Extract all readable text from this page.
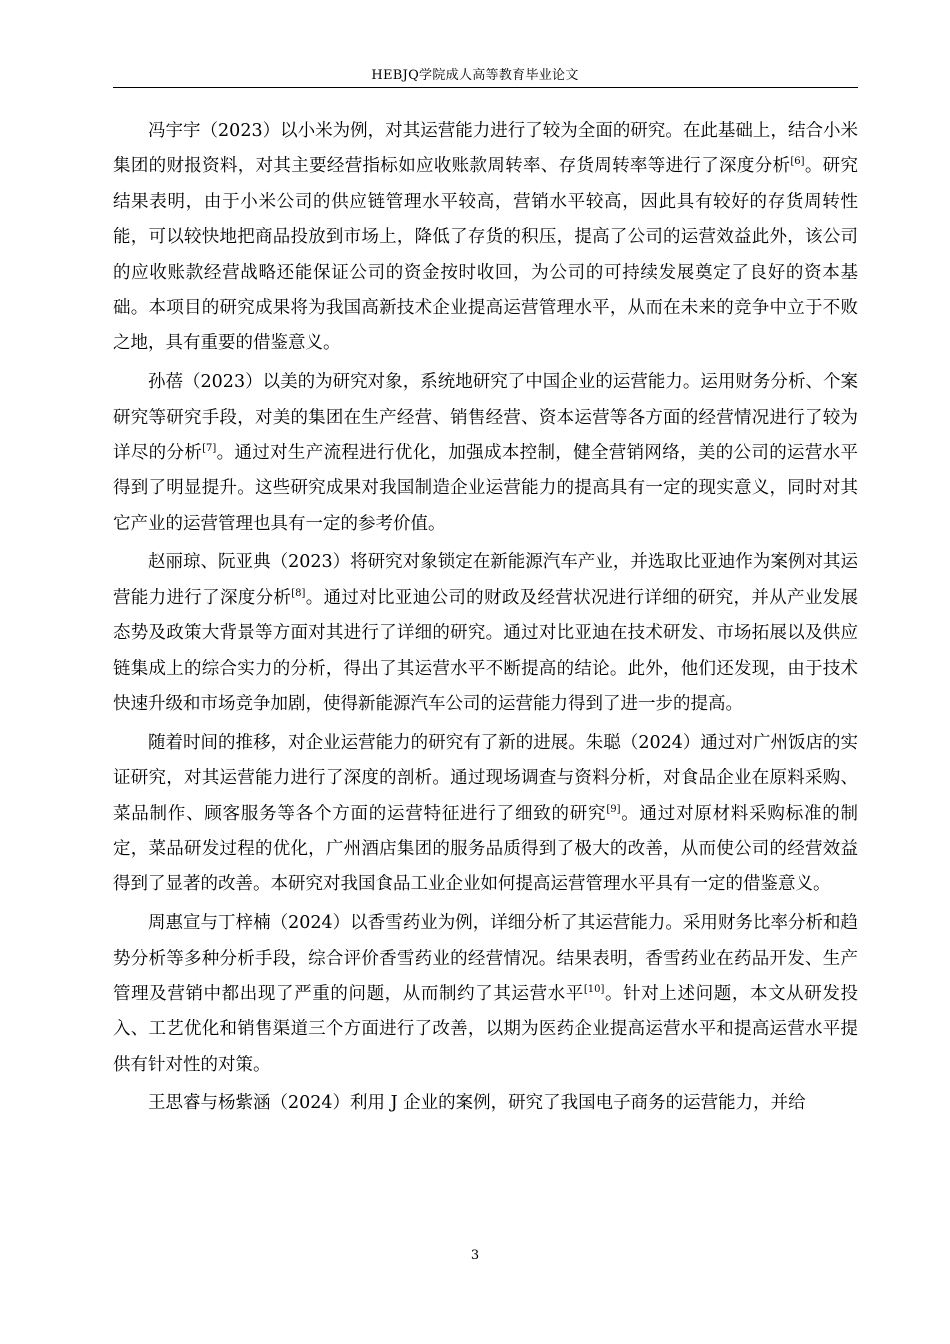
HEBJQ学院成人高等教育毕业论文

冯宇宇（2023）以小米为例，对其运营能力进行了较为全面的研究。在此基础上，结合小米集团的财报资料，对其主要经营指标如应收账款周转率、存货周转率等进行了深度分析[6]。研究结果表明，由于小米公司的供应链管理水平较高，营销水平较高，因此具有较好的存货周转性能，可以较快地把商品投放到市场上，降低了存货的积压，提高了公司的运营效益此外，该公司的应收账款经营战略还能保证公司的资金按时收回，为公司的可持续发展奠定了良好的资本基础。本项目的研究成果将为我国高新技术企业提高运营管理水平，从而在未来的竞争中立于不败之地，具有重要的借鉴意义。

孙蓓（2023）以美的为研究对象，系统地研究了中国企业的运营能力。运用财务分析、个案研究等研究手段，对美的集团在生产经营、销售经营、资本运营等各方面的经营情况进行了较为详尽的分析[7]。通过对生产流程进行优化，加强成本控制，健全营销网络，美的公司的运营水平得到了明显提升。这些研究成果对我国制造企业运营能力的提高具有一定的现实意义，同时对其它产业的运营管理也具有一定的参考价值。

赵丽琼、阮亚典（2023）将研究对象锁定在新能源汽车产业，并选取比亚迪作为案例对其运营能力进行了深度分析[8]。通过对比亚迪公司的财政及经营状况进行详细的研究，并从产业发展态势及政策大背景等方面对其进行了详细的研究。通过对比亚迪在技术研发、市场拓展以及供应链集成上的综合实力的分析，得出了其运营水平不断提高的结论。此外，他们还发现，由于技术快速升级和市场竞争加剧，使得新能源汽车公司的运营能力得到了进一步的提高。

随着时间的推移，对企业运营能力的研究有了新的进展。朱聪（2024）通过对广州饭店的实证研究，对其运营能力进行了深度的剖析。通过现场调查与资料分析，对食品企业在原料采购、菜品制作、顾客服务等各个方面的运营特征进行了细致的研究[9]。通过对原材料采购标准的制定，菜品研发过程的优化，广州酒店集团的服务品质得到了极大的改善，从而使公司的经营效益得到了显著的改善。本研究对我国食品工业企业如何提高运营管理水平具有一定的借鉴意义。

周惠宣与丁梓楠（2024）以香雪药业为例，详细分析了其运营能力。采用财务比率分析和趋势分析等多种分析手段，综合评价香雪药业的经营情况。结果表明，香雪药业在药品开发、生产管理及营销中都出现了严重的问题，从而制约了其运营水平[10]。针对上述问题，本文从研发投入、工艺优化和销售渠道三个方面进行了改善，以期为医药企业提高运营水平和提高运营水平提供有针对性的对策。

王思睿与杨紫涵（2024）利用 J 企业的案例，研究了我国电子商务的运营能力，并给

3
